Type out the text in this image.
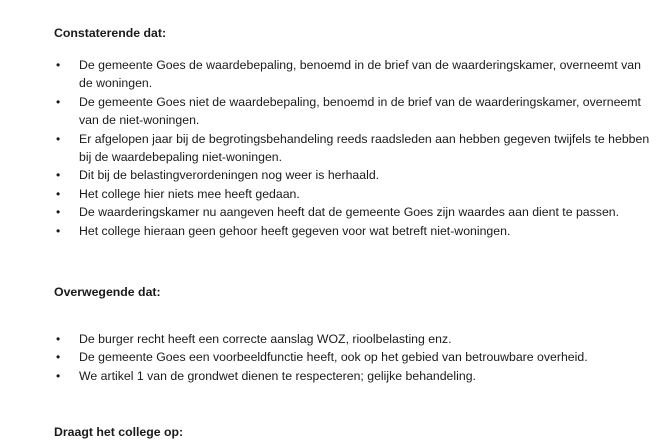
Constaterende dat:
• De gemeente Goes de waardebepaling, benoemd in de brief van de waarderingskamer, overneemt van de woningen.
• De gemeente Goes niet de waardebepaling, benoemd in de brief van de waarderingskamer, overneemt van de niet-woningen.
• Er afgelopen jaar bij de begrotingsbehandeling reeds raadsleden aan hebben gegeven twijfels te hebben bij de waardebepaling niet-woningen.
• Dit bij de belastingverordeningen nog weer is herhaald.
• Het college hier niets mee heeft gedaan.
• De waarderingskamer nu aangeven heeft dat de gemeente Goes zijn waardes aan dient te passen.
• Het college hieraan geen gehoor heeft gegeven voor wat betreft niet-woningen.
Overwegende dat:
• De burger recht heeft een correcte aanslag WOZ, rioolbelasting enz.
• De gemeente Goes een voorbeeldfunctie heeft, ook op het gebied van betrouwbare overheid.
• We artikel 1 van de grondwet dienen te respecteren; gelijke behandeling.
Draagt het college op:
